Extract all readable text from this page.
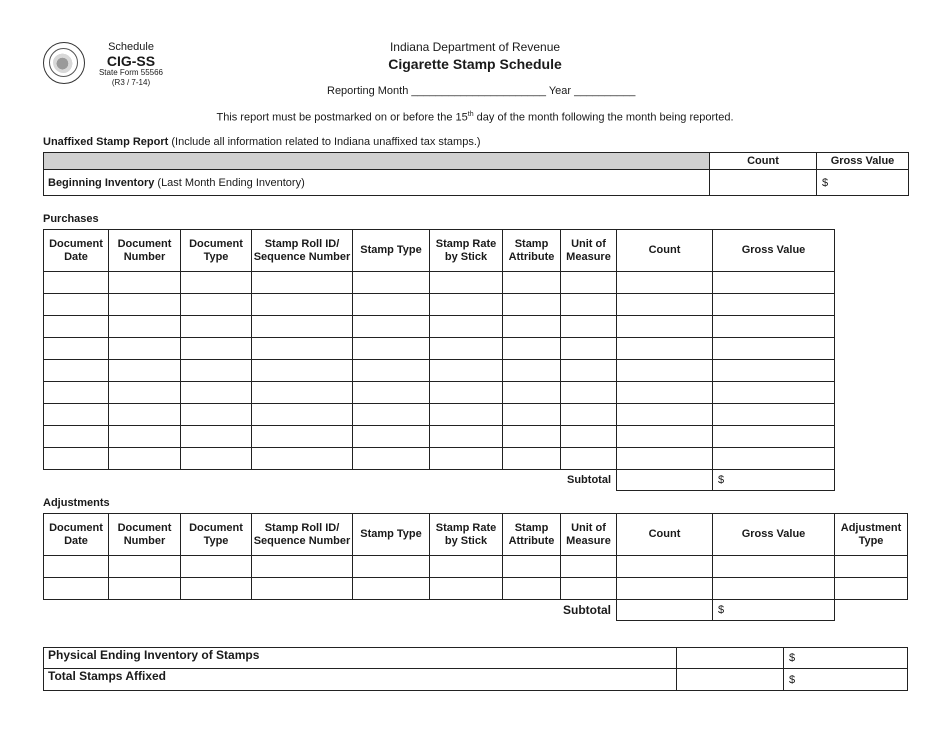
Schedule
CIG-SS
State Form 55566
(R3 / 7-14)
Indiana Department of Revenue
Cigarette Stamp Schedule
Reporting Month ______________________ Year __________
This report must be postmarked on or before the 15th day of the month following the month being reported.
Unaffixed Stamp Report (Include all information related to Indiana unaffixed tax stamps.)
	Count	Gross Value
Beginning Inventory (Last Month Ending Inventory)		$
Purchases
Document Date	Document Number	Document Type	Stamp Roll ID/ Sequence Number	Stamp Type	Stamp Rate by Stick	Stamp Attribute	Unit of Measure	Count	Gross Value

Subtotal									$
Adjustments
Document Date	Document Number	Document Type	Stamp Roll ID/ Sequence Number	Stamp Type	Stamp Rate by Stick	Stamp Attribute	Unit of Measure	Count	Gross Value	Adjustment Type

Subtotal									$	
Physical Ending Inventory of Stamps		$
Total Stamps Affixed		$
